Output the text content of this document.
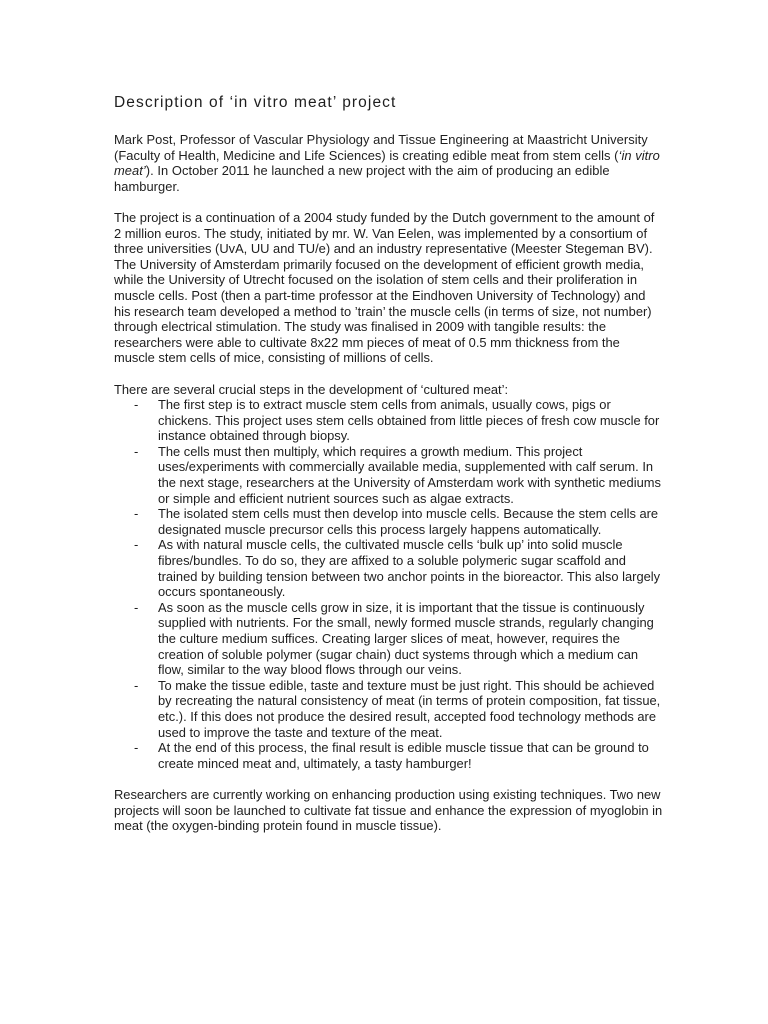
Description of ‘in vitro meat’ project

Mark Post, Professor of Vascular Physiology and Tissue Engineering at Maastricht University (Faculty of Health, Medicine and Life Sciences) is creating edible meat from stem cells (‘in vitro meat’). In October 2011 he launched a new project with the aim of producing an edible hamburger.

The project is a continuation of a 2004 study funded by the Dutch government to the amount of 2 million euros. The study, initiated by mr. W. Van Eelen, was implemented by a consortium of three universities (UvA, UU and TU/e) and an industry representative (Meester Stegeman BV). The University of Amsterdam primarily focused on the development of efficient growth media, while the University of Utrecht focused on the isolation of stem cells and their proliferation in muscle cells. Post (then a part-time professor at the Eindhoven University of Technology) and his research team developed a method to ’train’ the muscle cells (in terms of size, not number) through electrical stimulation. The study was finalised in 2009 with tangible results: the researchers were able to cultivate 8x22 mm pieces of meat of 0.5 mm thickness from the muscle stem cells of mice, consisting of millions of cells.

There are several crucial steps in the development of ‘cultured meat’:

- The first step is to extract muscle stem cells from animals, usually cows, pigs or chickens. This project uses stem cells obtained from little pieces of fresh cow muscle for instance obtained through biopsy.
- The cells must then multiply, which requires a growth medium. This project uses/experiments with commercially available media, supplemented with calf serum. In the next stage, researchers at the University of Amsterdam work with synthetic mediums or simple and efficient nutrient sources such as algae extracts.
- The isolated stem cells must then develop into muscle cells. Because the stem cells are designated muscle precursor cells this process largely happens automatically.
- As with natural muscle cells, the cultivated muscle cells ‘bulk up’ into solid muscle fibres/bundles. To do so, they are affixed to a soluble polymeric sugar scaffold and trained by building tension between two anchor points in the bioreactor. This also largely occurs spontaneously.
- As soon as the muscle cells grow in size, it is important that the tissue is continuously supplied with nutrients. For the small, newly formed muscle strands, regularly changing the culture medium suffices. Creating larger slices of meat, however, requires the creation of soluble polymer (sugar chain) duct systems through which a medium can flow, similar to the way blood flows through our veins.
- To make the tissue edible, taste and texture must be just right. This should be achieved by recreating the natural consistency of meat (in terms of protein composition, fat tissue, etc.). If this does not produce the desired result, accepted food technology methods are used to improve the taste and texture of the meat.
- At the end of this process, the final result is edible muscle tissue that can be ground to create minced meat and, ultimately, a tasty hamburger!

Researchers are currently working on enhancing production using existing techniques. Two new projects will soon be launched to cultivate fat tissue and enhance the expression of myoglobin in meat (the oxygen-binding protein found in muscle tissue).
